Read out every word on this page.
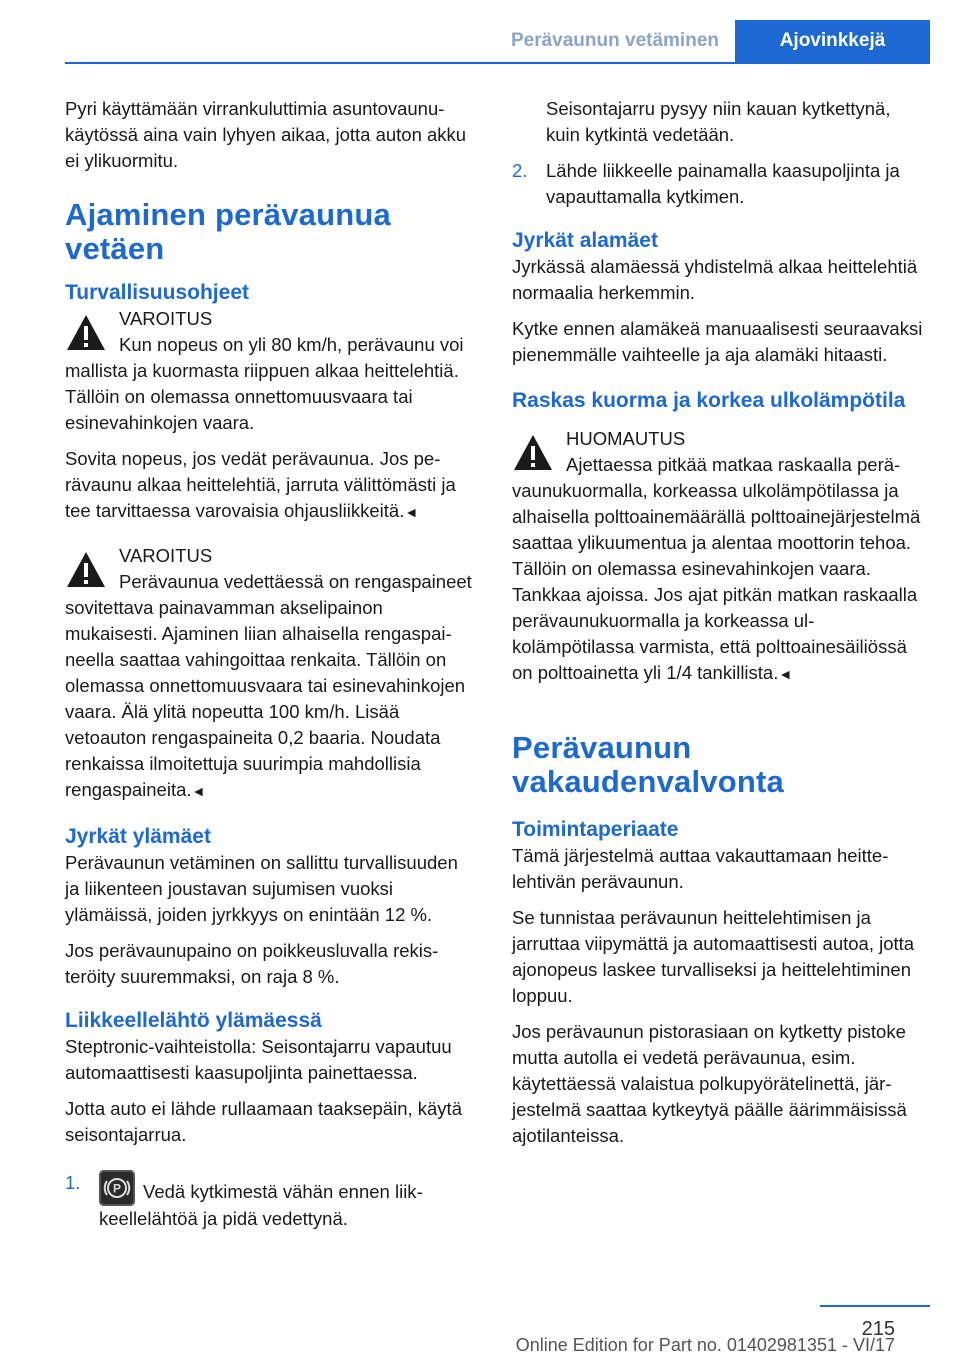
Perävaunun vetäminen	Ajovinkkejä

Pyri käyttämään virrankuluttimia asuntovaunukäytössä aina vain lyhyen aikaa, jotta auton akku ei ylikuormitu.

Ajaminen perävaunua vetäen
Turvallisuusohjeet
VAROITUS
Kun nopeus on yli 80 km/h, perävaunu voi mallista ja kuormasta riippuen alkaa heittelehtiä. Tällöin on olemassa onnettomuusvaara tai esinevahinkojen vaara.

Sovita nopeus, jos vedät perävaunua. Jos perävaunu alkaa heittelehtiä, jarruta välittömästi ja tee tarvittaessa varovaisia ohjausliikkeitä.◄

VAROITUS
Perävaunua vedettäessä on rengaspaineet sovitettava painavamman akselipainon mukaisesti. Ajaminen liian alhaisella rengaspaineella saattaa vahingoittaa renkaita. Tällöin on olemassa onnettomuusvaara tai esinevahinkojen vaara. Älä ylitä nopeutta 100 km/h. Lisää vetoauton rengaspaineita 0,2 baaria. Noudata renkaissa ilmoitettuja suurimpia mahdollisia rengaspaineita.◄
Jyrkät ylämäet

Perävaunun vetäminen on sallittu turvallisuuden ja liikenteen joustavan sujumisen vuoksi ylämäissä, joiden jyrkkyys on enintään 12 %.

Jos perävaunupaino on poikkeusluvalla rekisteröity suuremmaksi, on raja 8 %.

Liikkeellelähtö ylämäessä

Steptronic-vaihteistolla: Seisontajarru vapautuu automaattisesti kaasupoljinta painettaessa.

Jotta auto ei lähde rullaamaan taaksepäin, käytä seisontajarrua.

1.	P Vedä kytkimestä vähän ennen liikkeellelähtöä ja pidä vedettynä.
Seisontajarru pysyy niin kauan kytkettynä, kuin kytkintä vedetään.
2. Lähde liikkeelle painamalla kaasupoljinta ja vapauttamalla kytkimen.
Jyrkät alamäet

Jyrkässä alamäessä yhdistelmä alkaa heittelehtiä normaalia herkemmin.

Kytke ennen alamäkeä manuaalisesti seuraavaksi pienemmälle vaihteelle ja aja alamäki hitaasti.

Raskas kuorma ja korkea ulkolämpötila
HUOMAUTUS
Ajettaessa pitkää matkaa raskaalla perävaunukuormalla, korkeassa ulkolämpötilassa ja alhaisella polttoainemäärällä polttoainejärjestelmä saattaa ylikuumentua ja alentaa moottorin tehoa. Tällöin on olemassa esinevahinkojen vaara. Tankkaa ajoissa. Jos ajat pitkän matkan raskaalla perävaunukuormalla ja korkeassa ulkolämpötilassa varmista, että polttoainesäiliössä on polttoainetta yli 1/4 tankillista.◄
Perävaunun vakaudenvalvonta
Toimintaperiaate

Tämä järjestelmä auttaa vakauttamaan heittelehtivän perävaunun.

Se tunnistaa perävaunun heittelehtimisen ja jarruttaa viipymättä ja automaattisesti autoa, jotta ajonopeus laskee turvalliseksi ja heittelehtiminen loppuu.

Jos perävaunun pistorasiaan on kytketty pistoke mutta autolla ei vedetä perävaunua, esim. käytettäessä valaistua polkupyörätelinettä, järjestelmä saattaa kytkeytyä päälle äärimmäisissä ajotilanteissa.

215
Online Edition for Part no. 01402981351 - VI/17
